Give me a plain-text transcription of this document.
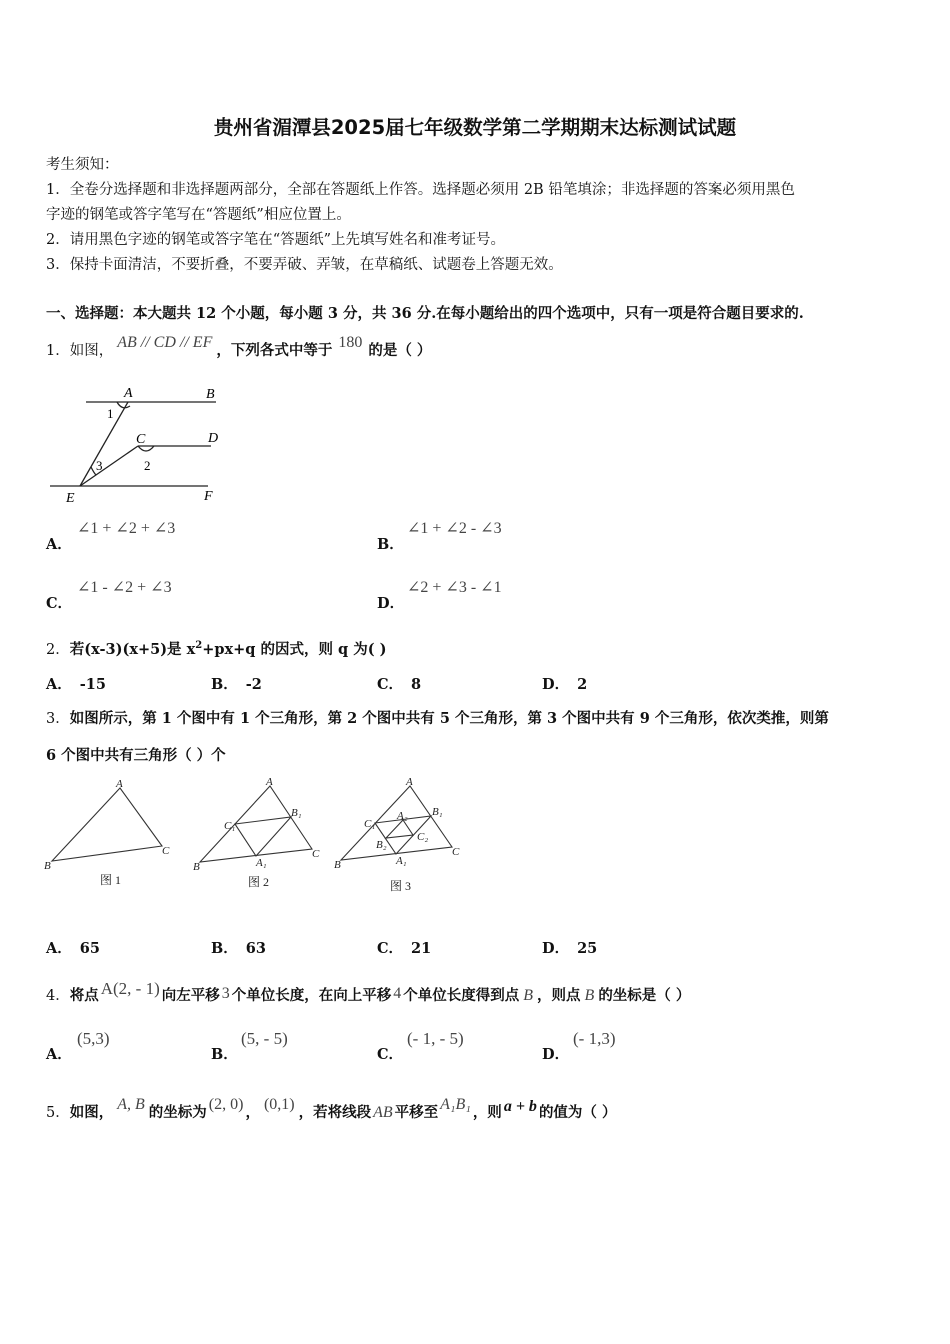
贵州省湄潭县2025届七年级数学第二学期期末达标测试试题
考生须知：
1．全卷分选择题和非选择题两部分，全部在答题纸上作答。选择题必须用 2B 铅笔填涂；非选择题的答案必须用黑色
字迹的钢笔或答字笔写在“答题纸”相应位置上。
2．请用黑色字迹的钢笔或答字笔在“答题纸”上先填写姓名和准考证号。
3．保持卡面清洁，不要折叠，不要弄破、弄皱，在草稿纸、试题卷上答题无效。
一、选择题：本大题共 12 个小题，每小题 3 分，共 36 分.在每小题给出的四个选项中，只有一项是符合题目要求的.
1．如图， AB // CD // EF ，下列各式中等于 180 的是（ ）
A	B
C	D
E	F
1
2
3
A．
∠1 + ∠2 + ∠3
B．
∠1 + ∠2 - ∠3
C．
∠1 - ∠2 + ∠3
D．
∠2 + ∠3 - ∠1
2．若(x-3)(x+5)是 $x^2+px+q$ 的因式，则 q 为( )
A． -15	B． -2	C． 8	D． 2
3．如图所示，第 1 个图中有 1 个三角形，第 2 个图中共有 5 个三角形，第 3 个图中共有 9 个三角形，依次类推，则第
6 个图中共有三角形（ ）个
A
B
C
A
B
C
C₁
B₁
A₁
A
B
C
C₁
B₁
A₁
A₂
B₂
C₂
图 1	图 2	图 3
A． 65	B． 63	C． 21	D． 25
4．将点 A(2, - 1) 向左平移 3 个单位长度，在向上平移 4 个单位长度得到点 B ，则点 B 的坐标是（ ）
A．
(5,3)
B．
(5, - 5)
C．
(- 1, - 5)
D．
(- 1,3)
5．如图， A, B 的坐标为 (2, 0) ， (0,1) ，若将线段 AB 平移至 A₁B₁ ，则 a + b 的值为（ ）
